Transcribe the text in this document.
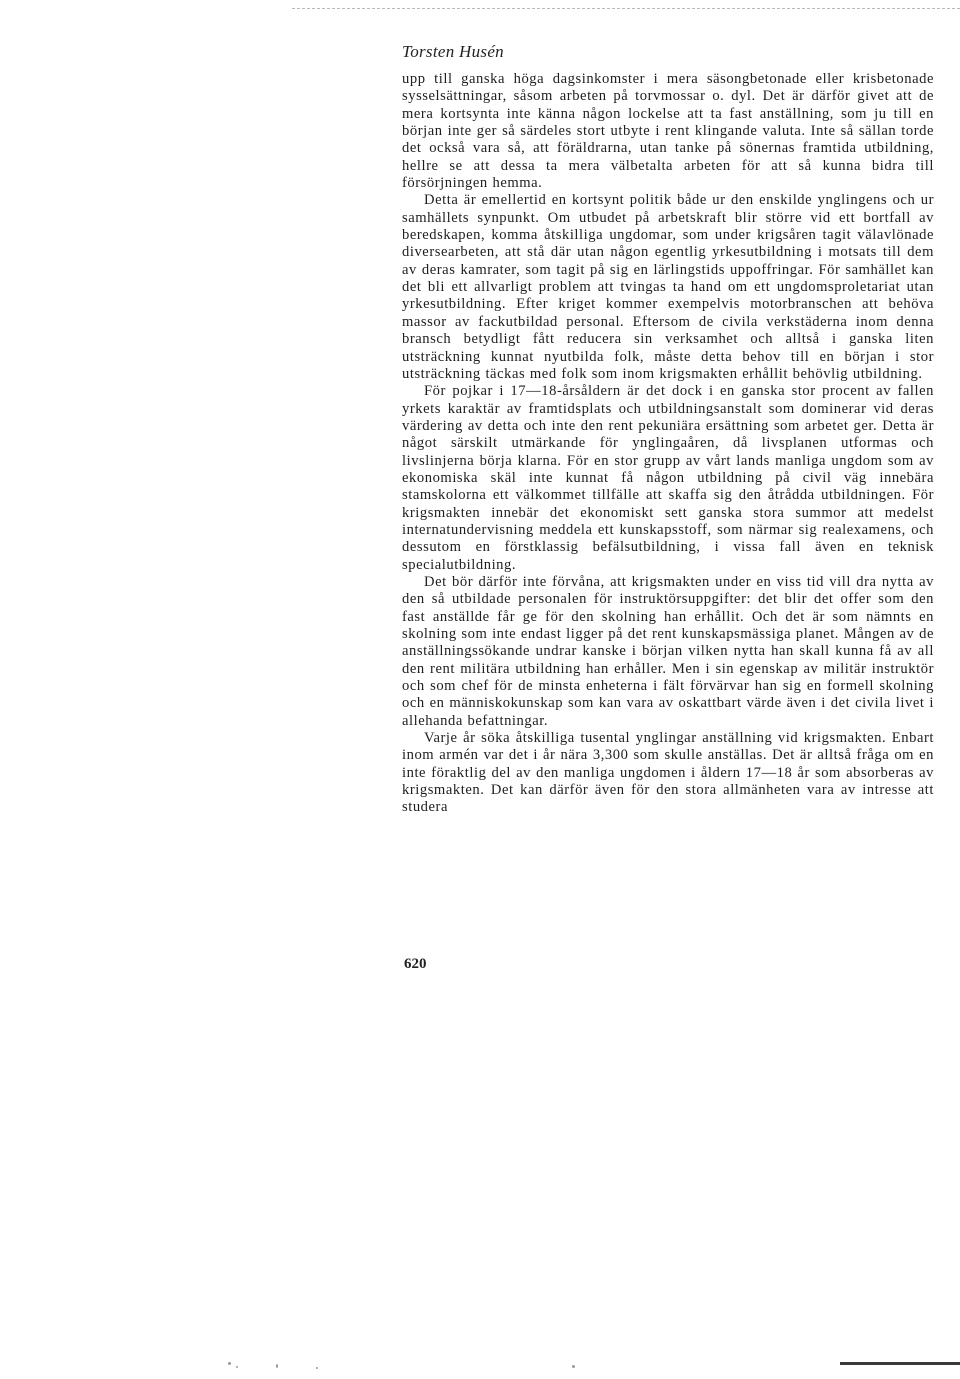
Torsten Husén

upp till ganska höga dagsinkomster i mera säsongbetonade eller krisbetonade sysselsättningar, såsom arbeten på torvmossar o. dyl. Det är därför givet att de mera kortsynta inte känna någon lockelse att ta fast anställning, som ju till en början inte ger så särdeles stort utbyte i rent klingande valuta. Inte så sällan torde det också vara så, att föräldrarna, utan tanke på sönernas framtida utbildning, hellre se att dessa ta mera välbetalta arbeten för att så kunna bidra till försörjningen hemma.

Detta är emellertid en kortsynt politik både ur den enskilde ynglingens och ur samhällets synpunkt. Om utbudet på arbetskraft blir större vid ett bortfall av beredskapen, komma åtskilliga ungdomar, som under krigsåren tagit välavlönade diversearbeten, att stå där utan någon egentlig yrkesutbildning i motsats till dem av deras kamrater, som tagit på sig en lärlingstids uppoffringar. För samhället kan det bli ett allvarligt problem att tvingas ta hand om ett ungdomsproletariat utan yrkesutbildning. Efter kriget kommer exempelvis motorbranschen att behöva massor av fackutbildad personal. Eftersom de civila verkstäderna inom denna bransch betydligt fått reducera sin verksamhet och alltså i ganska liten utsträckning kunnat nyutbilda folk, måste detta behov till en början i stor utsträckning täckas med folk som inom krigsmakten erhållit behövlig utbildning.

För pojkar i 17—18-årsåldern är det dock i en ganska stor procent av fallen yrkets karaktär av framtidsplats och utbildningsanstalt som dominerar vid deras värdering av detta och inte den rent pekuniära ersättning som arbetet ger. Detta är något särskilt utmärkande för ynglingaåren, då livsplanen utformas och livslinjerna börja klarna. För en stor grupp av vårt lands manliga ungdom som av ekonomiska skäl inte kunnat få någon utbildning på civil väg innebära stamskolorna ett välkommet tillfälle att skaffa sig den åtrådda utbildningen. För krigsmakten innebär det ekonomiskt sett ganska stora summor att medelst internatundervisning meddela ett kunskapsstoff, som närmar sig realexamens, och dessutom en förstklassig befälsutbildning, i vissa fall även en teknisk specialutbildning.

Det bör därför inte förvåna, att krigsmakten under en viss tid vill dra nytta av den så utbildade personalen för instruktörsuppgifter: det blir det offer som den fast anställde får ge för den skolning han erhållit. Och det är som nämnts en skolning som inte endast ligger på det rent kunskapsmässiga planet. Mången av de anställningssökande undrar kanske i början vilken nytta han skall kunna få av all den rent militära utbildning han erhåller. Men i sin egenskap av militär instruktör och som chef för de minsta enheterna i fält förvärvar han sig en formell skolning och en människokunskap som kan vara av oskattbart värde även i det civila livet i allehanda befattningar.

Varje år söka åtskilliga tusental ynglingar anställning vid krigsmakten. Enbart inom armén var det i år nära 3,300 som skulle anställas. Det är alltså fråga om en inte föraktlig del av den manliga ungdomen i åldern 17—18 år som absorberas av krigsmakten. Det kan därför även för den stora allmänheten vara av intresse att studera

620
